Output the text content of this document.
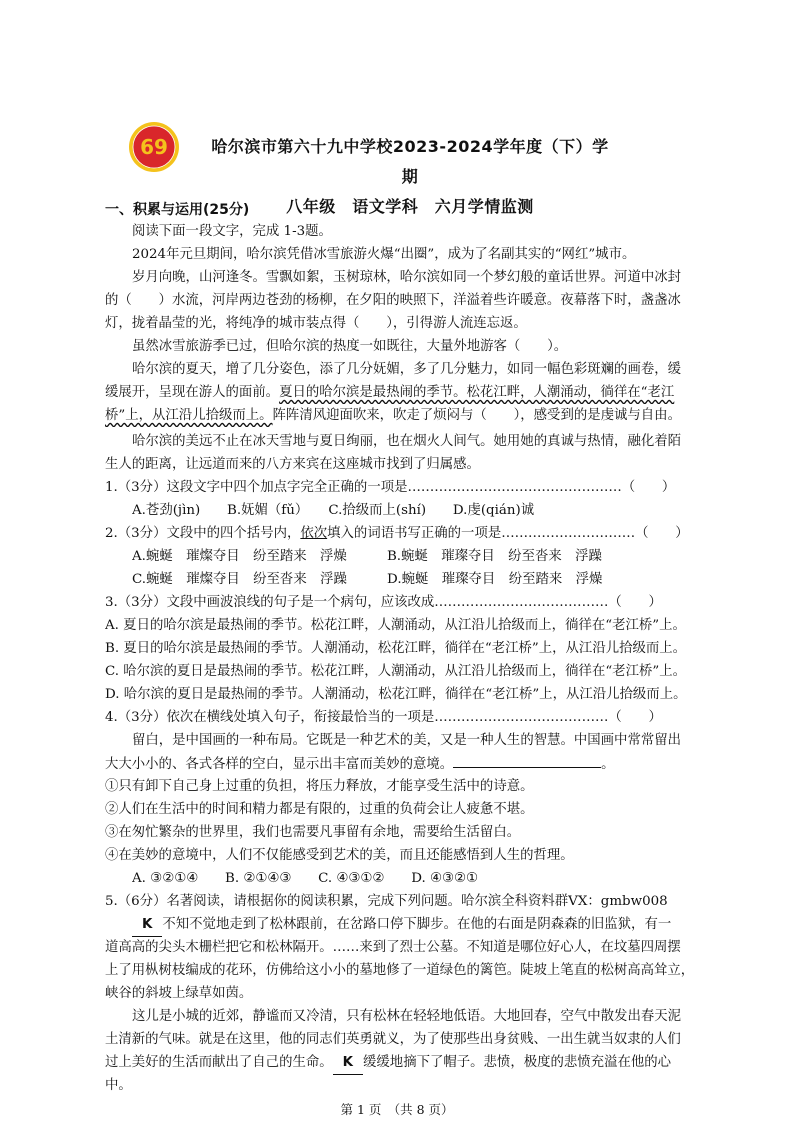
69	哈尔滨市第六十九中学校2023-2024学年度（下）学期
八年级　语文学科　六月学情监测
一、积累与运用(25分)
阅读下面一段文字，完成 1-3题。
2024年元旦期间，哈尔滨凭借冰雪旅游火爆“出圈”，成为了名副其实的“网红”城市。
岁月向晚，山河逢冬。雪飘如絮，玉树琼林，哈尔滨如同一个梦幻般的童话世界。河道中冰封
的（　　）水流，河岸两边苍劲的杨柳，在夕阳的映照下，洋溢着些许暖意。夜幕落下时，盏盏冰
灯，拢着晶莹的光，将纯净的城市装点得（　　），引得游人流连忘返。
虽然冰雪旅游季已过，但哈尔滨的热度一如既往，大量外地游客（　　）。
哈尔滨的夏天，增了几分姿色，添了几分妩媚，多了几分魅力，如同一幅色彩斑斓的画卷，缓
缓展开，呈现在游人的面前。夏日的哈尔滨是最热闹的季节。松花江畔，人潮涌动，徜徉在“老江
桥”上，从江沿儿拾级而上。阵阵清风迎面吹来，吹走了烦闷与（　　），感受到的是虔诚与自由。
哈尔滨的美远不止在冰天雪地与夏日绚丽，也在烟火人间气。她用她的真诚与热情，融化着陌
生人的距离，让远道而来的八方来宾在这座城市找到了归属感。
1.（3分）这段文字中四个加点字完全正确的一项是…………………………………………（　　）
A.苍劲(jìn)　　B.妩媚（fǔ）　　C.拾级而上(shí)　　D.虔(qián)诚
2.（3分）文段中的四个括号内，依次填入的词语书写正确的一项是…………………………（　　）
A.蜿蜒　璀燦夺目　纷至踏来　浮燥　　　B.蜿蜒　璀璨夺目　纷至沓来　浮躁
C.蜿蜒　璀燦夺目　纷至沓来　浮躁　　　D.蜿蜒　璀璨夺目　纷至踏来　浮燥
3.（3分）文段中画波浪线的句子是一个病句，应该改成…………………………………（　　）
A. 夏日的哈尔滨是最热闹的季节。松花江畔，人潮涌动，从江沿儿拾级而上，徜徉在“老江桥”上。
B. 夏日的哈尔滨是最热闹的季节。人潮涌动，松花江畔，徜徉在“老江桥”上，从江沿儿拾级而上。
C. 哈尔滨的夏日是最热闹的季节。松花江畔，人潮涌动，从江沿儿拾级而上，徜徉在“老江桥”上。
D. 哈尔滨的夏日是最热闹的季节。人潮涌动，松花江畔，徜徉在“老江桥”上，从江沿儿拾级而上。
4.（3分）依次在横线处填入句子，衔接最恰当的一项是…………………………………（　　）
留白，是中国画的一种布局。它既是一种艺术的美，又是一种人生的智慧。中国画中常常留出
大大小小的、各式各样的空白，显示出丰富而美妙的意境。	。
①只有卸下自己身上过重的负担，将压力释放，才能享受生活中的诗意。
②人们在生活中的时间和精力都是有限的，过重的负荷会让人疲惫不堪。
③在匆忙繁杂的世界里，我们也需要凡事留有余地，需要给生活留白。
④在美妙的意境中，人们不仅能感受到艺术的美，而且还能感悟到人生的哲理。
A. ③②①④　　B. ②①④③　　C. ④③①②　　D. ④③②①
5.（6分）名著阅读，请根据你的阅读积累，完成下列问题。哈尔滨全科资料群VX：gmbw008
K 不知不觉地走到了松林跟前，在岔路口停下脚步。在他的右面是阴森森的旧监狱，有一
道高高的尖头木栅栏把它和松林隔开。……来到了烈士公墓。不知道是哪位好心人，在坟墓四周摆
上了用枞树枝编成的花环，仿佛给这小小的墓地修了一道绿色的篱笆。陡坡上笔直的松树高高耸立，
峡谷的斜坡上绿草如茵。
这儿是小城的近郊，静谧而又冷清，只有松林在轻轻地低语。大地回春，空气中散发出春天泥
土清新的气味。就是在这里，他的同志们英勇就义，为了使那些出身贫贱、一出生就当奴隶的人们
过上美好的生活而献出了自己的生命。 K 缓缓地摘下了帽子。悲愤，极度的悲愤充溢在他的心
中。
第 1 页　（共 8 页）
